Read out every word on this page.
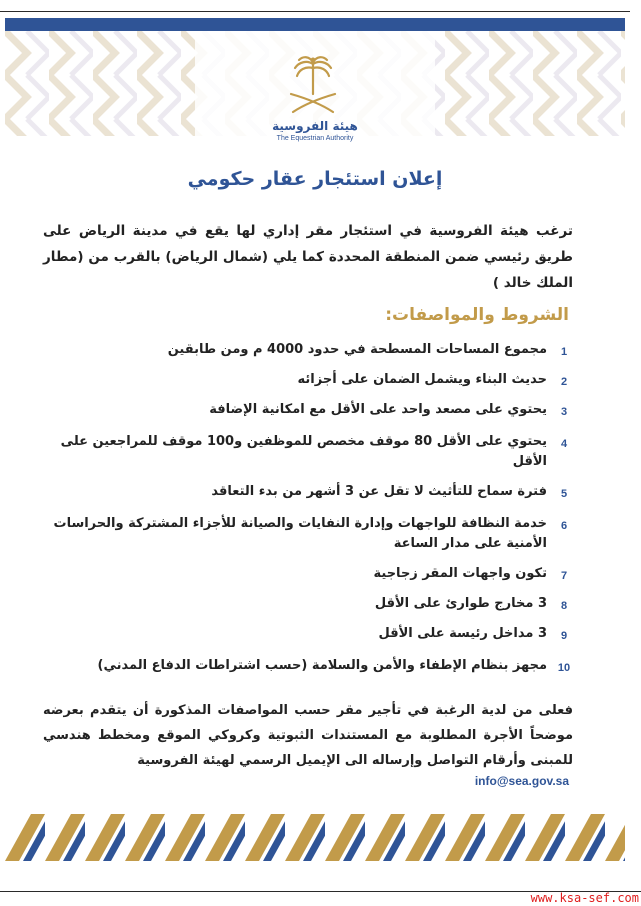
هيئة الفروسية
The Equestrian Authority
إعلان استئجار عقار حكومي
ترغب هيئة الفروسية في استئجار مقر إداري لها يقع في مدينة الرياض على طريق رئيسي ضمن المنطقة المحددة كما يلي (شمال الرياض) بالقرب من (مطار الملك خالد )
الشروط والمواصفات:
1
مجموع المساحات المسطحة في حدود 4000 م ومن طابقين
2
حديث البناء ويشمل الضمان على أجزائه
3
يحتوي على مصعد واحد على الأقل مع امكانية الإضافة
4
يحتوي على الأقل 80 موقف مخصص للموظفين و100 موقف للمراجعين على الأقل
5
فترة سماح للتأثيث لا تقل عن 3 أشهر من بدء التعاقد
6
خدمة النظافة للواجهات وإدارة النفايات والصيانة للأجزاء المشتركة والحراسات الأمنية على مدار الساعة
7
تكون واجهات المقر زجاجية
8
3 مخارج طوارئ على الأقل
9
3 مداخل رئيسة على الأقل
10
مجهز بنظام الإطفاء والأمن والسلامة (حسب اشتراطات الدفاع المدني)
فعلى من لدية الرغبة في تأجير مقر حسب المواصفات المذكورة أن يتقدم بعرضه موضحاً الأجرة المطلوبة مع المستندات الثبوتية وكروكي الموقع ومخطط هندسي للمبنى وأرقام التواصل وإرساله الى الإيميل الرسمي لهيئة الفروسية
info@sea.gov.sa
www.ksa-sef.com
